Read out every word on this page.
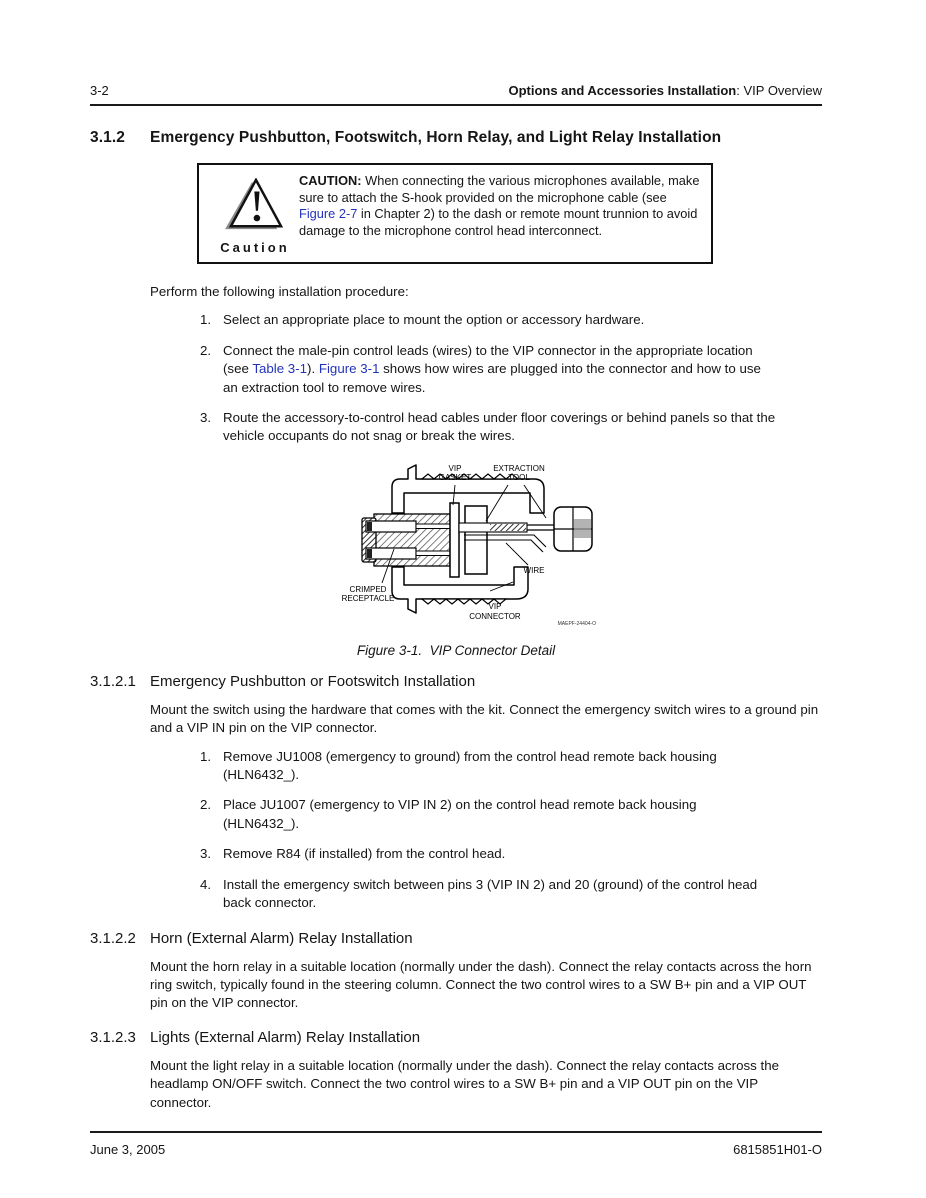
3-2	Options and Accessories Installation: VIP Overview
3.1.2	Emergency Pushbutton, Footswitch, Horn Relay, and Light Relay Installation
Caution
CAUTION: When connecting the various microphones available, make sure to attach the S-hook provided on the microphone cable (see Figure 2-7 in Chapter 2) to the dash or remote mount trunnion to avoid damage to the microphone control head interconnect.

Perform the following installation procedure:

1. Select an appropriate place to mount the option or accessory hardware.
2. Connect the male-pin control leads (wires) to the VIP connector in the appropriate location (see Table 3-1). Figure 3-1 shows how wires are plugged into the connector and how to use an extraction tool to remove wires.
3. Route the accessory-to-control head cables under floor coverings or behind panels so that the vehicle occupants do not snag or break the wires.
VIP
GASKET
EXTRACTION
TOOL
CRIMPED
RECEPTACLE
WIRE
VIP
CONNECTOR
MAEPF-24404-O
Figure 3-1.  VIP Connector Detail
3.1.2.1 Emergency Pushbutton or Footswitch Installation

Mount the switch using the hardware that comes with the kit. Connect the emergency switch wires to a ground pin and a VIP IN pin on the VIP connector.

1. Remove JU1008 (emergency to ground) from the control head remote back housing (HLN6432_).
2. Place JU1007 (emergency to VIP IN 2) on the control head remote back housing (HLN6432_).
3. Remove R84 (if installed) from the control head.
4. Install the emergency switch between pins 3 (VIP IN 2) and 20 (ground) of the control head back connector.
3.1.2.2 Horn (External Alarm) Relay Installation

Mount the horn relay in a suitable location (normally under the dash). Connect the relay contacts across the horn ring switch, typically found in the steering column. Connect the two control wires to a SW B+ pin and a VIP OUT pin on the VIP connector.

3.1.2.3 Lights (External Alarm) Relay Installation

Mount the light relay in a suitable location (normally under the dash). Connect the relay contacts across the headlamp ON/OFF switch. Connect the two control wires to a SW B+ pin and a VIP OUT pin on the VIP connector.

June 3, 2005	6815851H01-O
